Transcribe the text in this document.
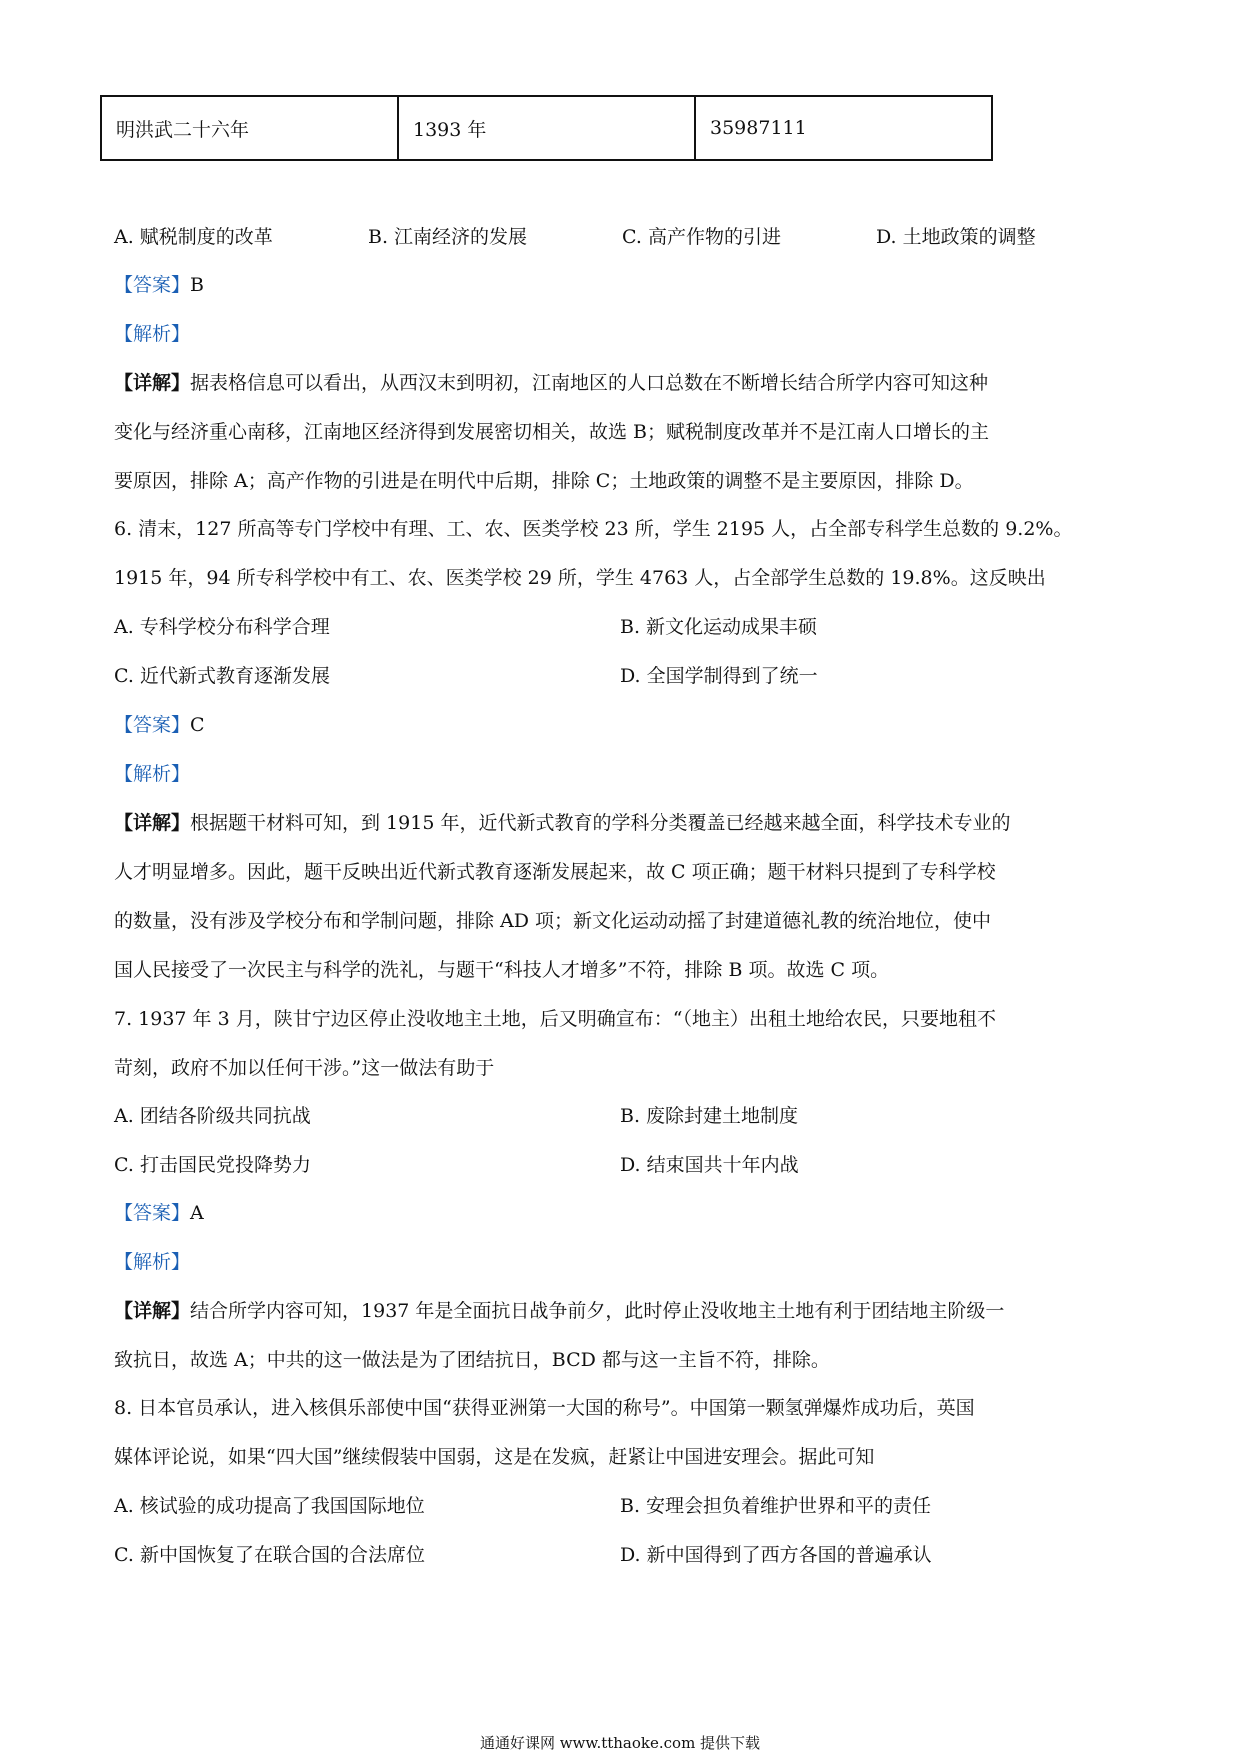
明洪武二十六年	1393 年	35987111
A. 赋税制度的改革	B. 江南经济的发展	C. 高产作物的引进	D. 土地政策的调整
【答案】B
【解析】
【详解】据表格信息可以看出，从西汉末到明初，江南地区的人口总数在不断增长结合所学内容可知这种
变化与经济重心南移，江南地区经济得到发展密切相关，故选 B；赋税制度改革并不是江南人口增长的主
要原因，排除 A；高产作物的引进是在明代中后期，排除 C；土地政策的调整不是主要原因，排除 D。
6. 清末，127 所高等专门学校中有理、工、农、医类学校 23 所，学生 2195 人，占全部专科学生总数的 9.2%。
1915 年，94 所专科学校中有工、农、医类学校 29 所，学生 4763 人，占全部学生总数的 19.8%。这反映出
A. 专科学校分布科学合理	B. 新文化运动成果丰硕
C. 近代新式教育逐渐发展	D. 全国学制得到了统一
【答案】C
【解析】
【详解】根据题干材料可知，到 1915 年，近代新式教育的学科分类覆盖已经越来越全面，科学技术专业的
人才明显增多。因此，题干反映出近代新式教育逐渐发展起来，故 C 项正确；题干材料只提到了专科学校
的数量，没有涉及学校分布和学制问题，排除 AD 项；新文化运动动摇了封建道德礼教的统治地位，使中
国人民接受了一次民主与科学的洗礼，与题干“科技人才增多”不符，排除 B 项。故选 C 项。
7. 1937 年 3 月，陕甘宁边区停止没收地主土地，后又明确宣布：“（地主）出租土地给农民，只要地租不
苛刻，政府不加以任何干涉。”这一做法有助于
A. 团结各阶级共同抗战	B. 废除封建土地制度
C. 打击国民党投降势力	D. 结束国共十年内战
【答案】A
【解析】
【详解】结合所学内容可知，1937 年是全面抗日战争前夕，此时停止没收地主土地有利于团结地主阶级一
致抗日，故选 A；中共的这一做法是为了团结抗日，BCD 都与这一主旨不符，排除。
8. 日本官员承认，进入核俱乐部使中国“获得亚洲第一大国的称号”。中国第一颗氢弹爆炸成功后，英国
媒体评论说，如果“四大国”继续假装中国弱，这是在发疯，赶紧让中国进安理会。据此可知
A. 核试验的成功提高了我国国际地位	B. 安理会担负着维护世界和平的责任
C. 新中国恢复了在联合国的合法席位	D. 新中国得到了西方各国的普遍承认
通通好课网 www.tthaoke.com 提供下载
